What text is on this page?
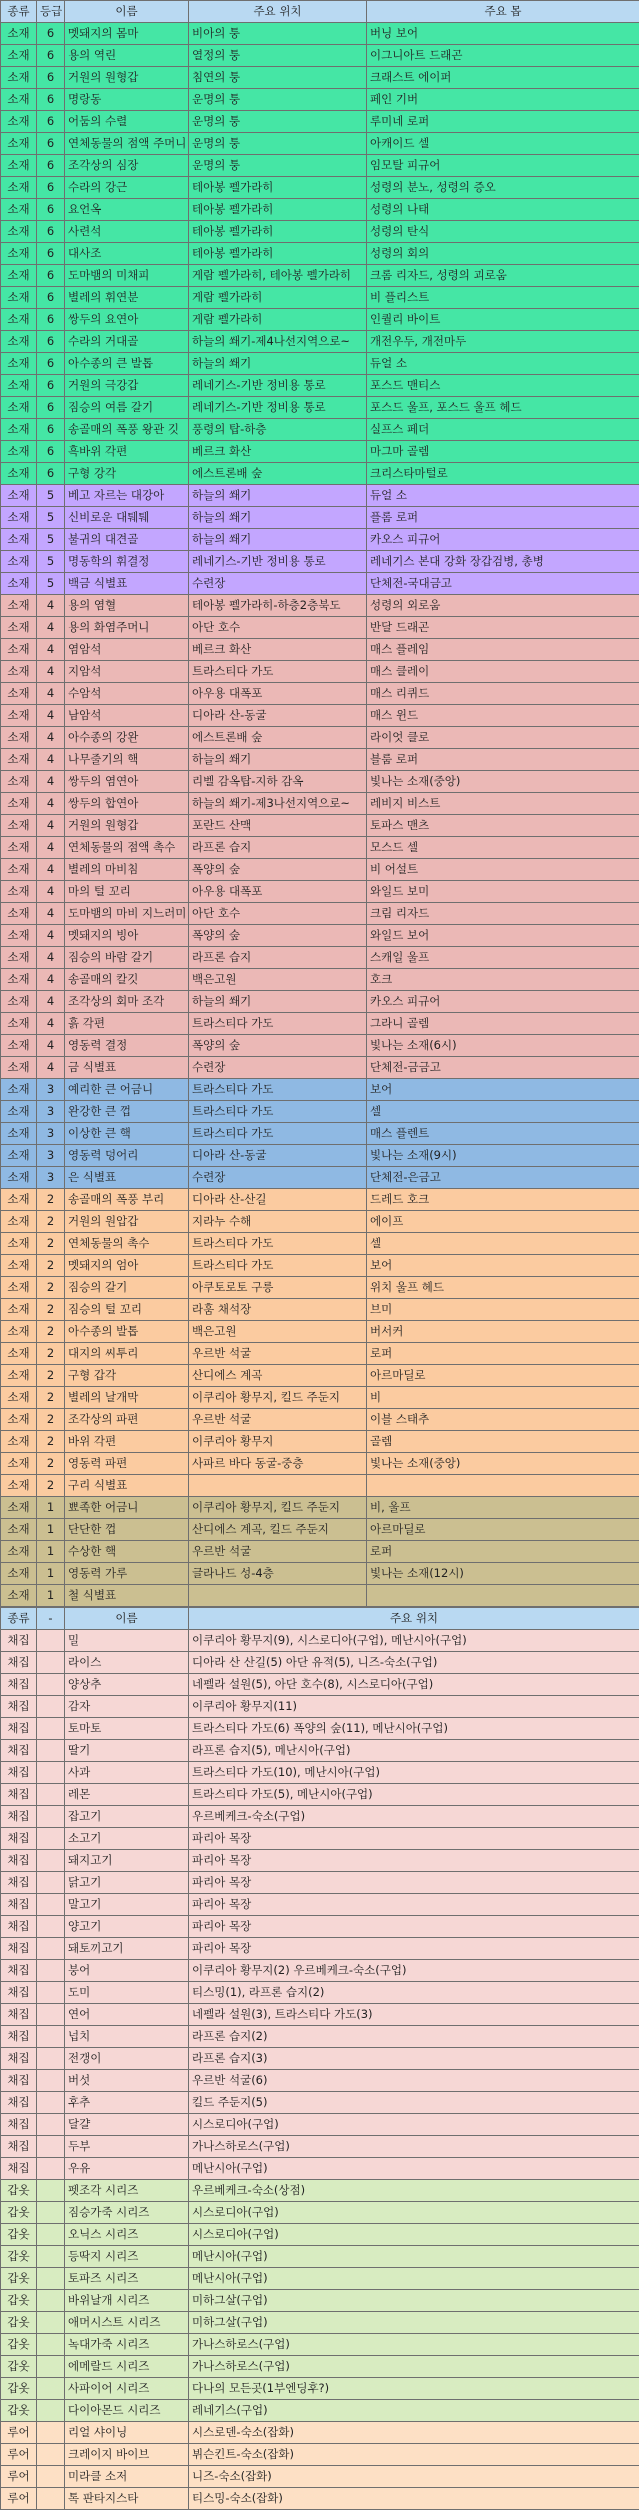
종류	등급	이름	주요 위치	주요 몹
소재	6	멧돼지의 몸마	비아의 퉁	버닝 보어
소재	6	용의 역린	열정의 퉁	이그니아트 드래곤
소재	6	거원의 원형갑	침연의 퉁	크래스트 에이퍼
소재	6	명랑동	운명의 퉁	페인 기버
소재	6	어둠의 수렬	운명의 퉁	루미네 로퍼
소재	6	연체동물의 점액 주머니	운명의 퉁	아캐이드 셀
소재	6	조각상의 심장	운명의 퉁	임모탈 피규어
소재	6	수라의 강근	테아봉 펠가라히	성령의 분노, 성령의 증오
소재	6	요언옥	테아봉 펠가라히	성령의 나태
소재	6	사련석	테아봉 펠가라히	성령의 탄식
소재	6	대사조	테아봉 펠가라히	성령의 회의
소재	6	도마뱀의 미채피	게람 펠가라히, 테아봉 펠가라히	크롬 리자드, 성령의 괴로움
소재	6	별레의 휘연분	게람 펠가라히	비 플리스트
소재	6	쌍두의 요연아	게람 펠가라히	인퀄리 바이트
소재	6	수라의 거대골	하늘의 쐐기-제4나선지역으로~	개전우두, 개전마두
소재	6	아수종의 큰 발톱	하늘의 쐐기	듀얼 소
소재	6	거원의 극강갑	레네기스-기반 정비용 통로	포스드 맨티스
소재	6	짐승의 여름 갈기	레네기스-기반 정비용 통로	포스드 울프, 포스드 울프 헤드
소재	6	송골매의 폭풍 왕관 깃	풍령의 탑-하층	실프스 페더
소재	6	흑바위 각편	베르크 화산	마그마 골렘
소재	6	구형 강각	에스트론배 숲	크리스타마털로
소재	5	베고 자르는 대강아	하늘의 쐐기	듀얼 소
소재	5	신비로운 대퉤퉤	하늘의 쐐기	플롬 로퍼
소재	5	불귀의 대견골	하늘의 쐐기	카오스 피규어
소재	5	명동학의 휘결정	레네기스-기반 정비용 통로	레네기스 본대 강화 장갑검병, 총병
소재	5	백금 식별표	수련장	단체전-국대금고
소재	4	용의 염혈	테아봉 펠가라히-하층2층북도	성령의 외로움
소재	4	용의 화염주머니	아단 호수	반달 드래곤
소재	4	염암석	베르크 화산	매스 플레임
소재	4	지암석	트라스티다 가도	매스 클레이
소재	4	수암석	아우용 대폭포	매스 리퀴드
소재	4	남암석	디아라 산-동굴	매스 윈드
소재	4	아수종의 강완	에스트론배 숲	라이엇 클로
소재	4	나무줄기의 핵	하늘의 쐐기	블룸 로퍼
소재	4	쌍두의 염연아	리벨 감옥탑-지하 감옥	빛나는 소재(중앙)
소재	4	쌍두의 합연아	하늘의 쐐기-제3나선지역으로~	레비지 비스트
소재	4	거원의 원형갑	포란드 산맥	토파스 맨츠
소재	4	연체동물의 점액 촉수	라프론 습지	모스드 셀
소재	4	별레의 마비침	폭양의 숲	비 어설트
소재	4	마의 털 꼬리	아우용 대폭포	와일드 보미
소재	4	도마뱀의 마비 지느러미	아단 호수	크림 리자드
소재	4	멧돼지의 빙아	폭양의 숲	와일드 보어
소재	4	짐승의 바람 갈기	라프론 습지	스캐일 울프
소재	4	송골매의 칼깃	백은고원	호크
소재	4	조각상의 회마 조각	하늘의 쐐기	카오스 피규어
소재	4	흙 각편	트라스티다 가도	그라니 골렘
소재	4	영동력 결정	폭양의 숲	빛나는 소재(6시)
소재	4	금 식별표	수련장	단체전-금금고
소재	3	예리한 큰 어금니	트라스티다 가도	보어
소재	3	완강한 큰 껍	트라스티다 가도	셀
소재	3	이상한 큰 핵	트라스티다 가도	매스 플렌트
소재	3	영동력 덩어리	디아라 산-동굴	빛나는 소재(9시)
소재	3	은 식별표	수련장	단체전-은금고
소재	2	송골매의 폭풍 부리	디아라 산-산길	드레드 호크
소재	2	거원의 원압갑	지라누 수해	에이프
소재	2	연체동물의 촉수	트라스티다 가도	셀
소재	2	멧돼지의 엄아	트라스티다 가도	보어
소재	2	짐승의 갈기	아쿠토로토 구릉	위치 울프 헤드
소재	2	짐승의 털 꼬리	라훔 채석장	브미
소재	2	아수종의 발톱	백은고원	버서커
소재	2	대지의 씨투리	우르반 석굴	로퍼
소재	2	구형 갑각	산디에스 계곡	아르마딜로
소재	2	별레의 날개막	이쿠리아 황무지, 킬드 주둔지	비
소재	2	조각상의 파편	우르반 석굴	이블 스태추
소재	2	바위 각편	이쿠리아 황무지	골렘
소재	2	영동력 파편	사파르 바다 동굴-중층	빛나는 소재(중앙)
소재	2	구리 식별표		
소재	1	뾰족한 어금니	이쿠리아 황무지, 킬드 주둔지	비, 울프
소재	1	단단한 껍	산디에스 계곡, 킬드 주둔지	아르마딜로
소재	1	수상한 핵	우르반 석굴	로퍼
소재	1	영동력 가루	글라나드 성-4층	빛나는 소재(12시)
소재	1	철 식별표		
종류	-	이름	주요 위치
채집		밀	이쿠리아 황무지(9), 시스로디아(구업), 메난시아(구업)
채집		라이스	디아라 산 산길(5) 아단 유적(5), 니즈-숙소(구업)
채집		양상추	네펠라 설원(5), 아단 호수(8), 시스로디아(구업)
채집		감자	이쿠리아 황무지(11)
채집		토마토	트라스티다 가도(6) 폭양의 숲(11), 메난시아(구업)
채집		딸기	라프론 습지(5), 메난시아(구업)
채집		사과	트라스티다 가도(10), 메난시아(구업)
채집		레몬	트라스티다 가도(5), 메난시아(구업)
채집		잡고기	우르베케크-숙소(구업)
채집		소고기	파리아 목장
채집		돼지고기	파리아 목장
채집		닭고기	파리아 목장
채집		말고기	파리아 목장
채집		양고기	파리아 목장
채집		돼토끼고기	파리아 목장
채집		붕어	이쿠리아 황무지(2) 우르베케크-숙소(구업)
채집		도미	티스밍(1), 라프론 습지(2)
채집		연어	네펠라 설원(3), 트라스티다 가도(3)
채집		넙치	라프론 습지(2)
채집		전갱이	라프론 습지(3)
채집		버섯	우르반 석굴(6)
채집		후추	킬드 주둔지(5)
채집		달걀	시스로디아(구업)
채집		두부	가나스하로스(구업)
채집		우유	메난시아(구업)
갑옷		펫조각 시리즈	우르베케크-숙소(상점)
갑옷		짐승가죽 시리즈	시스로디아(구업)
갑옷		오닉스 시리즈	시스로디아(구업)
갑옷		등딱지 시리즈	메난시아(구업)
갑옷		토파즈 시리즈	메난시아(구업)
갑옷		바위날개 시리즈	미하그살(구업)
갑옷		애머시스트 시리즈	미하그살(구업)
갑옷		녹대가죽 시리즈	가나스하로스(구업)
갑옷		에메랄드 시리즈	가나스하로스(구업)
갑옷		사파이어 시리즈	다나의 모든곳(1부엔딩후?)
갑옷		다이아몬드 시리즈	레네기스(구업)
루어		리얼 샤이닝	시스로덴-숙소(잡화)
루어		크레이지 바이브	뷔슨킨트-숙소(잡화)
루어		미라클 소저	니즈-숙소(잡화)
루어		톡 판타지스타	티스밍-숙소(잡화)
